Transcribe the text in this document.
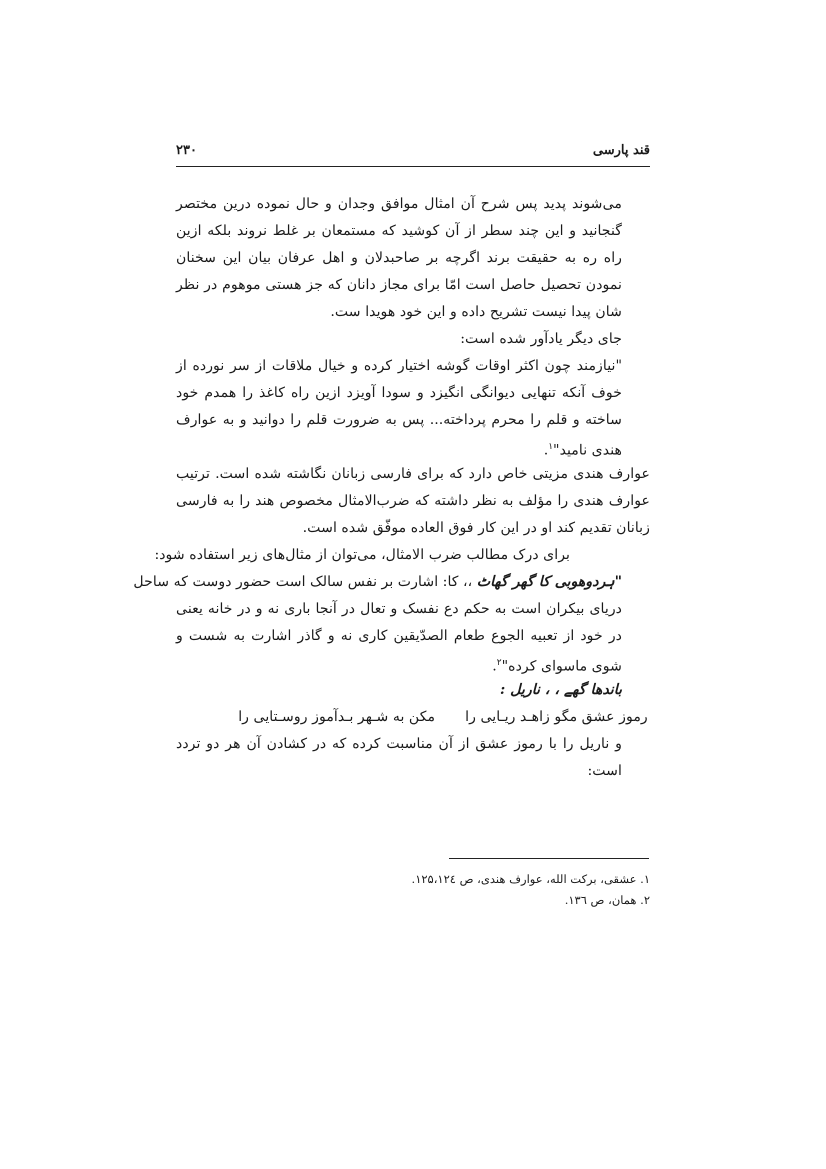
قند پارسی
۲۳۰
می‌شوند پدید پس شرح آن امثال موافق وجدان و حال نموده درین مختصر
گنجانید و این چند سطر از آن کوشید که مستمعان بر غلط نروند بلکه ازین
راه ره به حقیقت برند اگرچه بر صاحبدلان و اهل عرفان بیان این سخنان
نمودن تحصیل حاصل است امّا برای مجاز دانان که جز هستی موهوم در نظر
شان پیدا نیست تشریح داده و این خود هویدا ست.
جای دیگر یادآور شده است:
"نیازمند چون اکثر اوقات گوشه اختیار کرده و خیال ملاقات از سر نورده از
خوف آنکه تنهایی دیوانگی انگیزد و سودا آویزد ازین راه کاغذ را همدم خود
ساخته و قلم را محرم پرداخته... پس به ضرورت قلم را دوانید و به عوارف
هندی نامید"$^۱$.
عوارف هندی مزیتی خاص دارد که برای فارسی زبانان نگاشته شده است. ترتیب
عوارف هندی را مؤلف به نظر داشته که ضرب‌الامثال مخصوص هند را به فارسی
زبانان تقدیم کند او در این کار فوق العاده موفّق شده است.
برای درک مطالب ضرب الامثال، می‌توان از مثال‌های زیر استفاده شود:
"ہردوھوبی کا گھر گھاٹ ،، کا: اشارت بر نفس سالک است حضور دوست که ساحل
دریای بیکران است به حکم دع نفسک و تعال در آنجا باری نه و در خانه یعنی
در خود از تعبیه الجوع طعام الصدّیقین کاری نه و گاذر اشارت به شست و
شوی ماسوای کرده"$^۲$.
باندھا گھے ، ، ناریل :
رموز عشق مگو زاهـد ریـایی رامکن به شـهر بـدآموز روسـتایی را
و ناریل را با رموز عشق از آن مناسبت کرده که در کشادن آن هر دو تردد
است:
۱. عشقی، برکت الله، عوارف هندی، ص ۱۲۵،۱۲٤.
۲. همان، ص ۱۳٦.
